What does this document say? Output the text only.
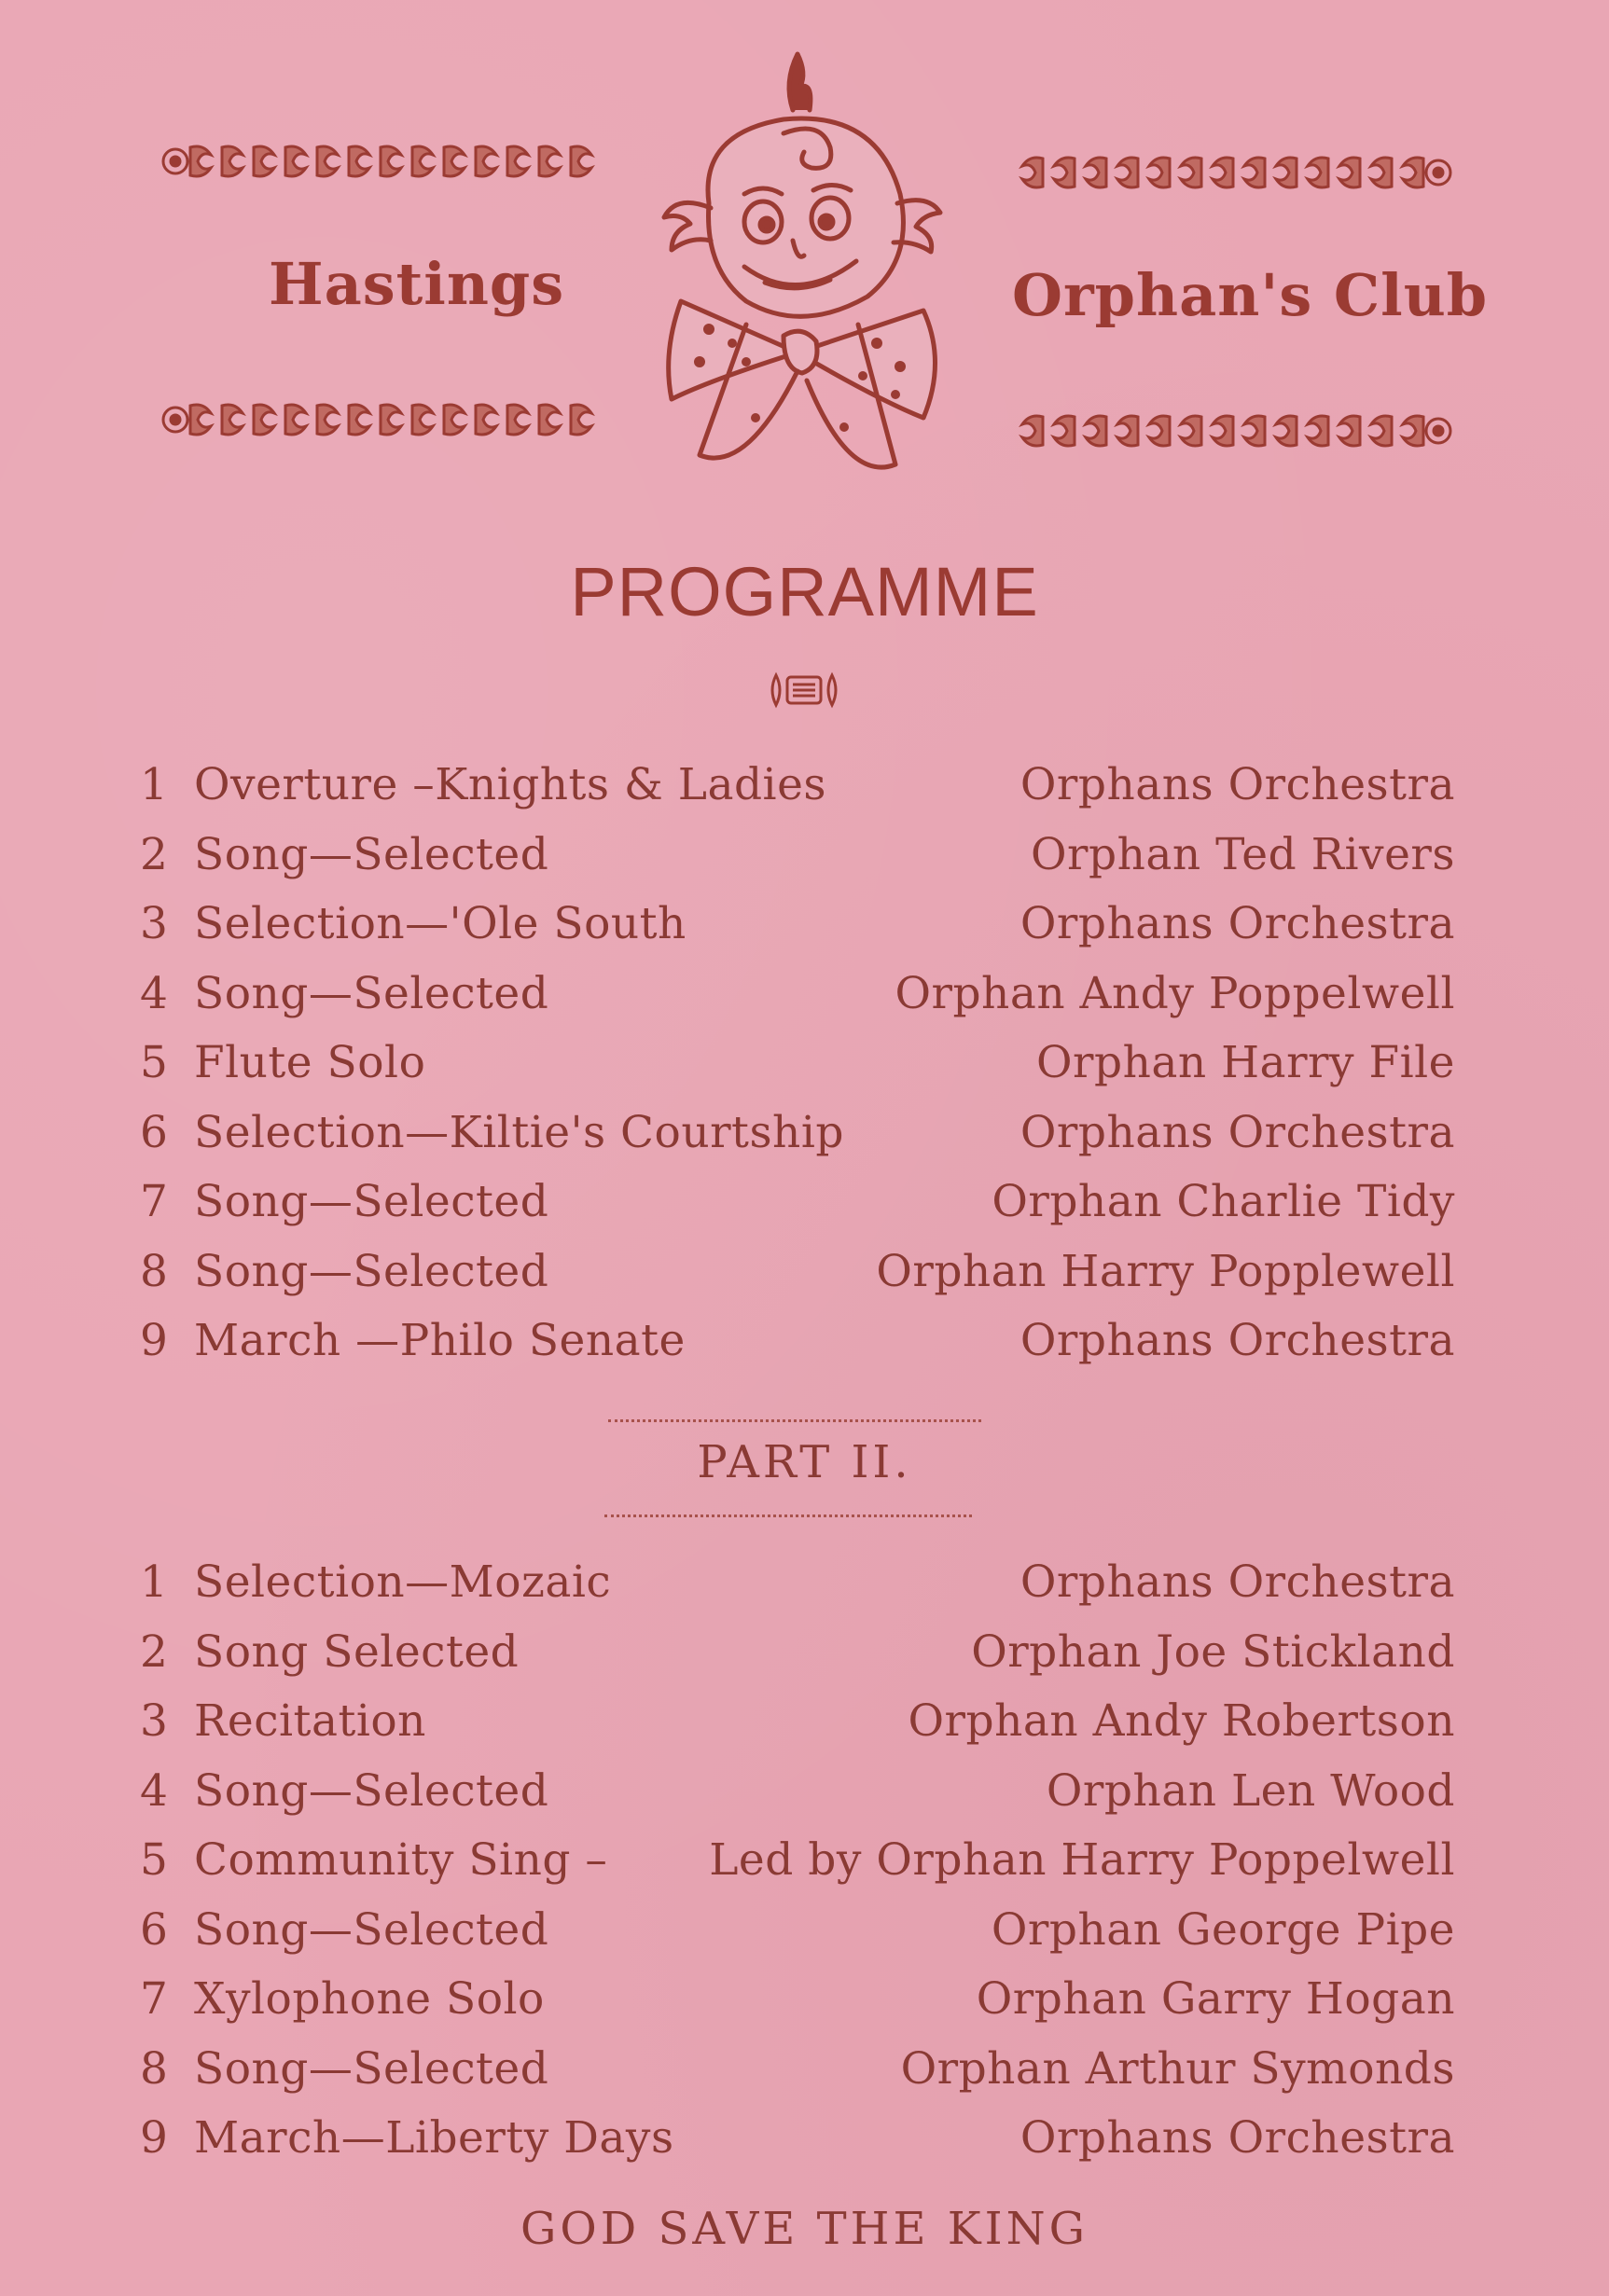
Hastings	Orphan's Club
PROGRAMME
1 Overture –Knights & Ladies	Orphans Orchestra
2 Song—Selected	Orphan Ted Rivers
3 Selection—'Ole South	Orphans Orchestra
4 Song—Selected	Orphan Andy Poppelwell
5 Flute Solo	Orphan Harry File
6 Selection—Kiltie's Courtship	Orphans Orchestra
7 Song—Selected	Orphan Charlie Tidy
8 Song—Selected	Orphan Harry Popplewell
9 March —Philo Senate	Orphans Orchestra
PART II.
1 Selection—Mozaic	Orphans Orchestra
2 Song Selected	Orphan Joe Stickland
3 Recitation	Orphan Andy Robertson
4 Song—Selected	Orphan Len Wood
5 Community Sing – Led by Orphan Harry Poppelwell
6 Song—Selected	Orphan George Pipe
7 Xylophone Solo	Orphan Garry Hogan
8 Song—Selected	Orphan Arthur Symonds
9 March—Liberty Days	Orphans Orchestra
GOD SAVE THE KING
